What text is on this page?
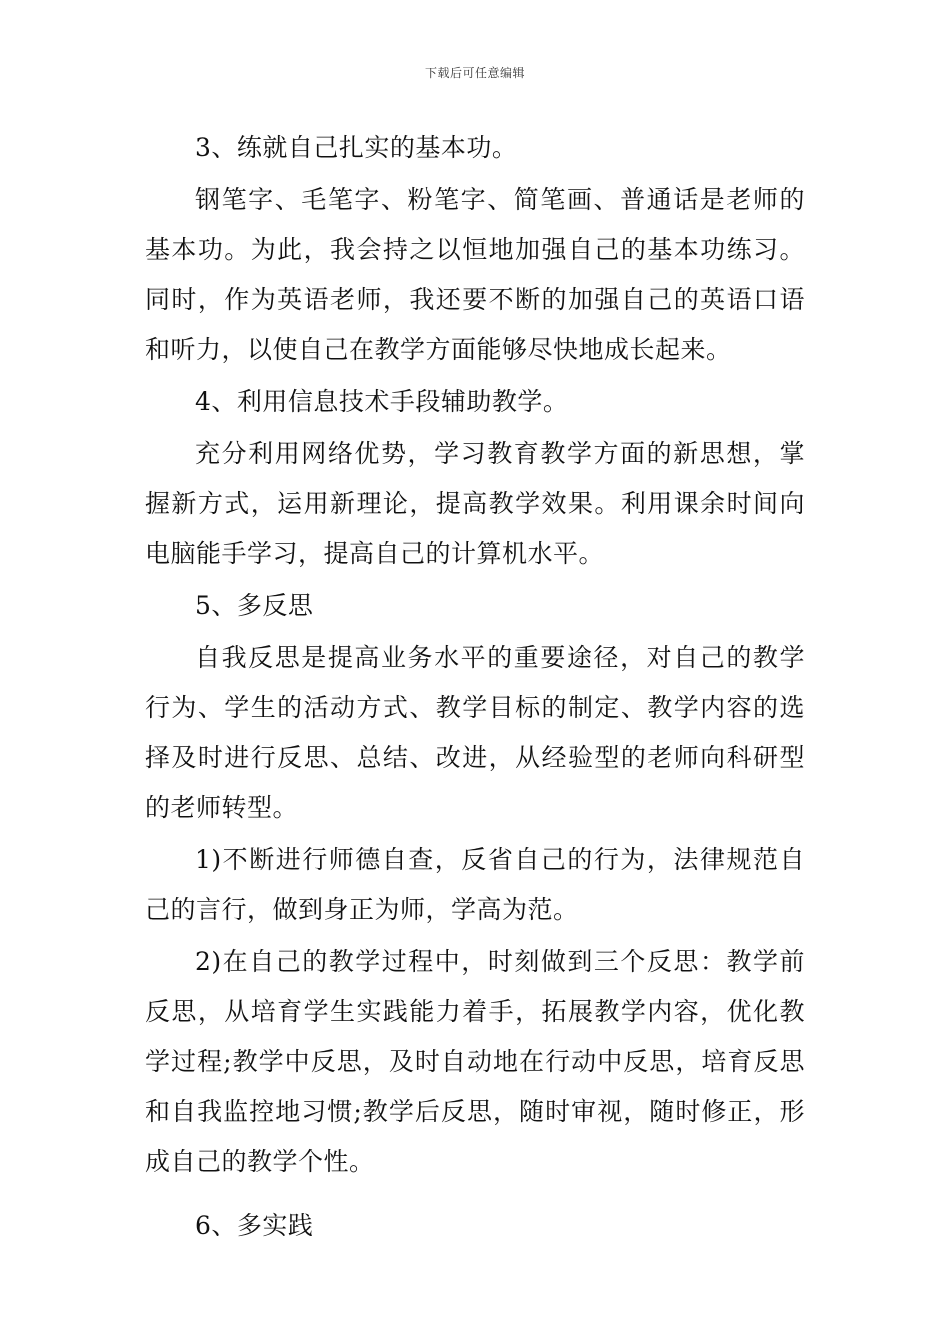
下载后可任意编辑

3、练就自己扎实的基本功。

钢笔字、毛笔字、粉笔字、简笔画、普通话是老师的基本功。为此，我会持之以恒地加强自己的基本功练习。同时，作为英语老师，我还要不断的加强自己的英语口语和听力，以使自己在教学方面能够尽快地成长起来。

4、利用信息技术手段辅助教学。

充分利用网络优势，学习教育教学方面的新思想，掌握新方式，运用新理论，提高教学效果。利用课余时间向电脑能手学习，提高自己的计算机水平。

5、多反思

自我反思是提高业务水平的重要途径，对自己的教学行为、学生的活动方式、教学目标的制定、教学内容的选择及时进行反思、总结、改进，从经验型的老师向科研型的老师转型。

1)不断进行师德自查，反省自己的行为，法律规范自己的言行，做到身正为师，学高为范。

2)在自己的教学过程中，时刻做到三个反思：教学前反思，从培育学生实践能力着手，拓展教学内容，优化教学过程;教学中反思，及时自动地在行动中反思，培育反思和自我监控地习惯;教学后反思，随时审视，随时修正，形成自己的教学个性。

6、多实践
